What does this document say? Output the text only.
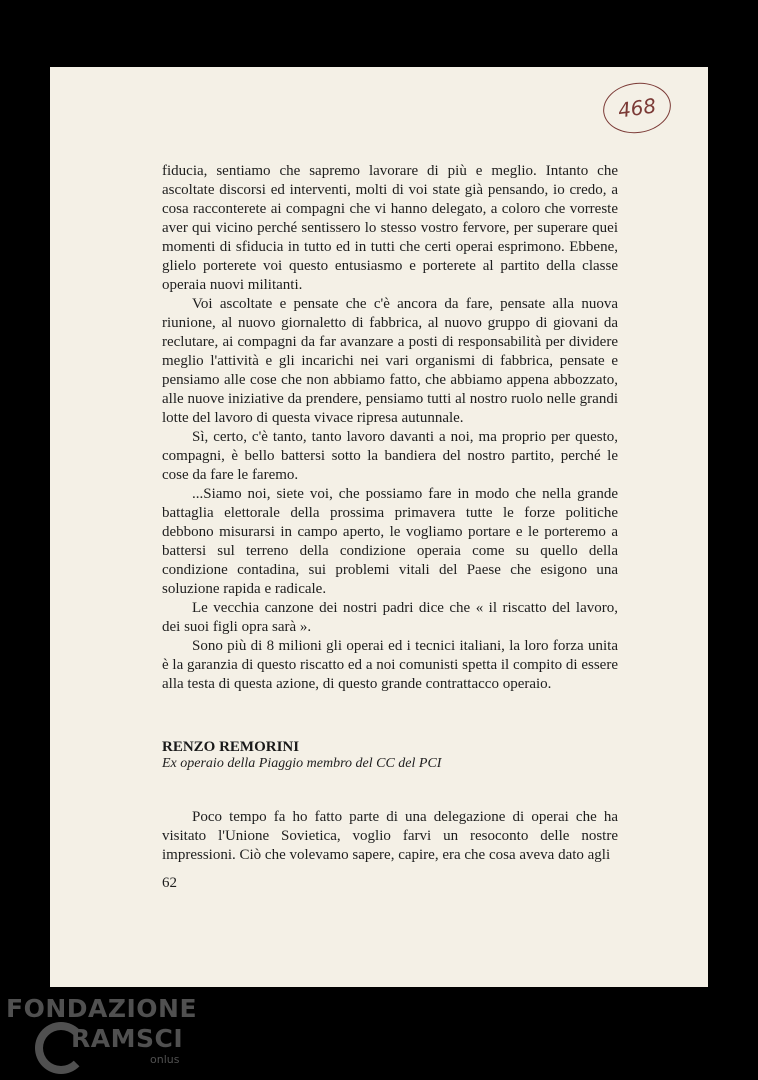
468

fiducia, sentiamo che sapremo lavorare di più e meglio. Intanto che ascoltate discorsi ed interventi, molti di voi state già pensando, io credo, a cosa racconterete ai compagni che vi hanno delegato, a coloro che vorreste aver qui vicino perché sentissero lo stesso vostro fervore, per superare quei momenti di sfiducia in tutto ed in tutti che certi operai esprimono. Ebbene, glielo porterete voi questo entusiasmo e porterete al partito della classe operaia nuovi militanti.

Voi ascoltate e pensate che c'è ancora da fare, pensate alla nuova riunione, al nuovo giornaletto di fabbrica, al nuovo gruppo di giovani da reclutare, ai compagni da far avanzare a posti di responsabilità per dividere meglio l'attività e gli incarichi nei vari organismi di fabbrica, pensate e pensiamo alle cose che non abbiamo fatto, che abbiamo appena abbozzato, alle nuove iniziative da prendere, pensiamo tutti al nostro ruolo nelle grandi lotte del lavoro di questa vivace ripresa autunnale.

Sì, certo, c'è tanto, tanto lavoro davanti a noi, ma proprio per questo, compagni, è bello battersi sotto la bandiera del nostro partito, perché le cose da fare le faremo.

...Siamo noi, siete voi, che possiamo fare in modo che nella grande battaglia elettorale della prossima primavera tutte le forze politiche debbono misurarsi in campo aperto, le vogliamo portare e le porteremo a battersi sul terreno della condizione operaia come su quello della condizione contadina, sui problemi vitali del Paese che esigono una soluzione rapida e radicale.

Le vecchia canzone dei nostri padri dice che « il riscatto del lavoro, dei suoi figli opra sarà ».

Sono più di 8 milioni gli operai ed i tecnici italiani, la loro forza unita è la garanzia di questo riscatto ed a noi comunisti spetta il compito di essere alla testa di questa azione, di questo grande contrattacco operaio.

RENZO REMORINI
Ex operaio della Piaggio membro del CC del PCI

Poco tempo fa ho fatto parte di una delegazione di operai che ha visitato l'Unione Sovietica, voglio farvi un resoconto delle nostre impressioni. Ciò che volevamo sapere, capire, era che cosa aveva dato agli

62
FONDAZIONE
RAMSCI
onlus
